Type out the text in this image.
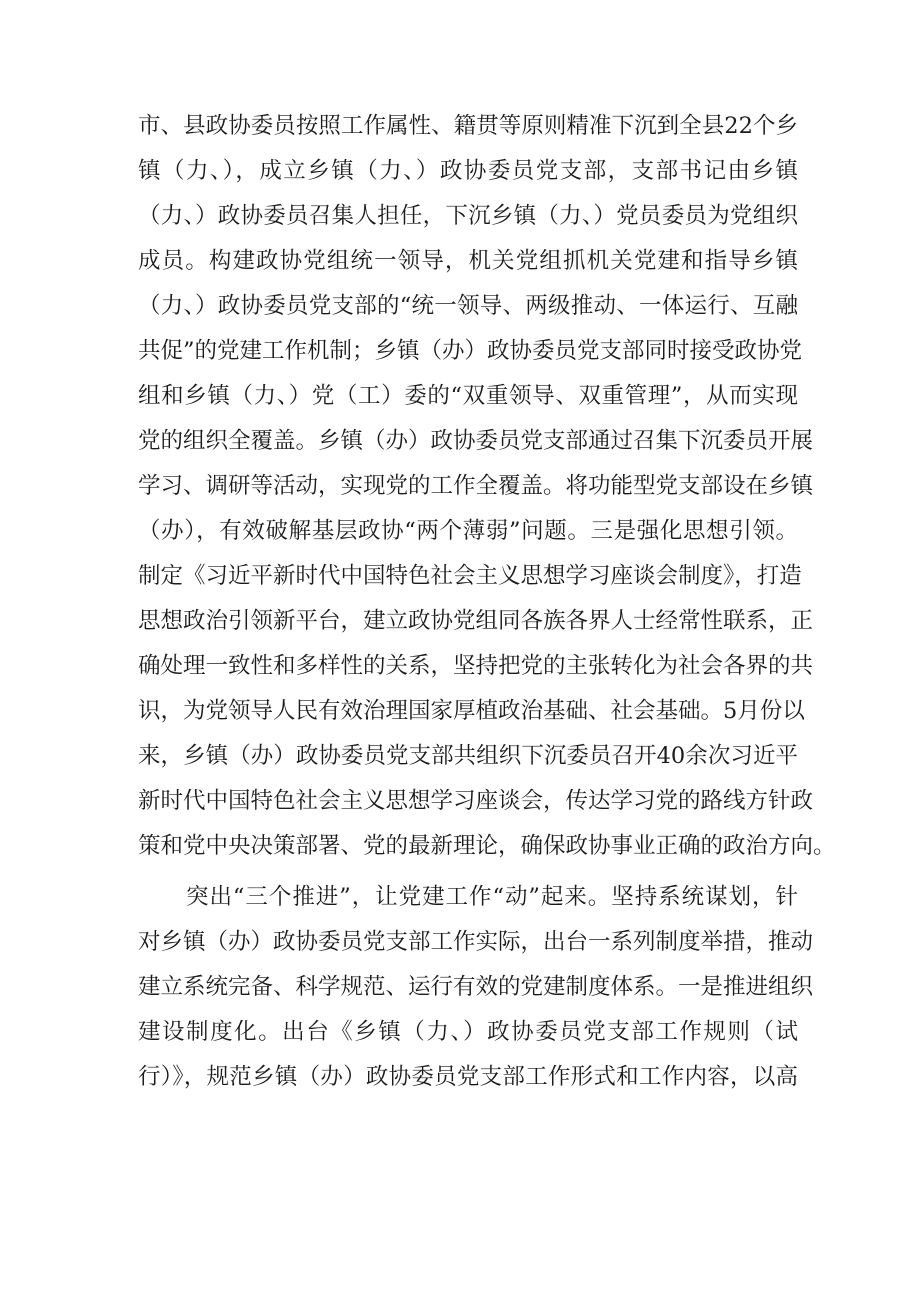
市、县政协委员按照工作属性、籍贯等原则精准下沉到全县22个乡
镇（力、），成立乡镇（力、）政协委员党支部，支部书记由乡镇
（力、）政协委员召集人担任，下沉乡镇（力、）党员委员为党组织
成员。构建政协党组统一领导，机关党组抓机关党建和指导乡镇
（力、）政协委员党支部的“统一领导、两级推动、一体运行、互融
共促”的党建工作机制；乡镇（办）政协委员党支部同时接受政协党
组和乡镇（力、）党（工）委的“双重领导、双重管理”，从而实现
党的组织全覆盖。乡镇（办）政协委员党支部通过召集下沉委员开展
学习、调研等活动，实现党的工作全覆盖。将功能型党支部设在乡镇
（办），有效破解基层政协“两个薄弱”问题。三是强化思想引领。
制定《习近平新时代中国特色社会主义思想学习座谈会制度》，打造
思想政治引领新平台，建立政协党组同各族各界人士经常性联系，正
确处理一致性和多样性的关系，坚持把党的主张转化为社会各界的共
识，为党领导人民有效治理国家厚植政治基础、社会基础。5月份以
来，乡镇（办）政协委员党支部共组织下沉委员召开40余次习近平
新时代中国特色社会主义思想学习座谈会，传达学习党的路线方针政
策和党中央决策部署、党的最新理论，确保政协事业正确的政治方向。
突出“三个推进”，让党建工作“动”起来。坚持系统谋划，针
对乡镇（办）政协委员党支部工作实际，出台一系列制度举措，推动
建立系统完备、科学规范、运行有效的党建制度体系。一是推进组织
建设制度化。出台《乡镇（力、）政协委员党支部工作规则（试
行）》，规范乡镇（办）政协委员党支部工作形式和工作内容，以高
